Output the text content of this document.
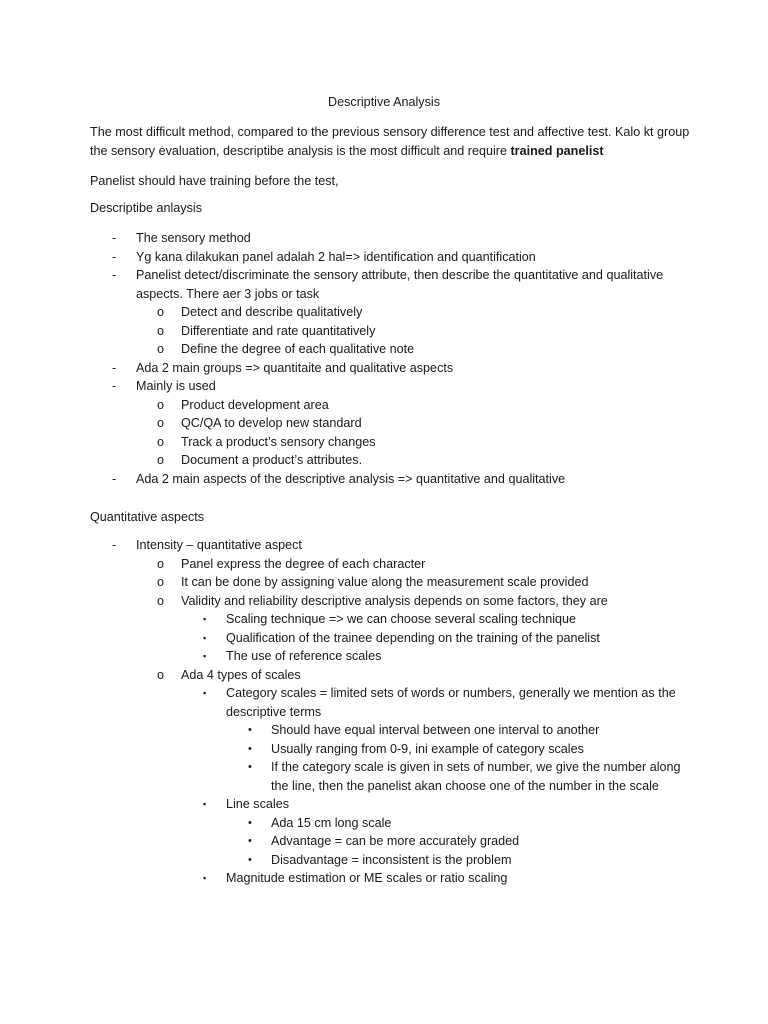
Descriptive Analysis
The most difficult method, compared to the previous sensory difference test and affective test. Kalo kt group the sensory evaluation, descriptibe analysis is the most difficult and require trained panelist
Panelist should have training before the test,
Descriptibe anlaysis
- The sensory method
- Yg kana dilakukan panel adalah 2 hal=> identification and quantification
- Panelist detect/discriminate the sensory attribute, then describe the quantitative and qualitative aspects. There aer 3 jobs or task
o Detect and describe qualitatively
o Differentiate and rate quantitatively
o Define the degree of each qualitative note
- Ada 2 main groups => quantitaite and qualitative aspects
- Mainly is used
o Product development area
o QC/QA to develop new standard
o Track a product’s sensory changes
o Document a product’s attributes.
- Ada 2 main aspects of the descriptive analysis => quantitative and qualitative
Quantitative aspects
- Intensity – quantitative aspect
o Panel express the degree of each character
o It can be done by assigning value along the measurement scale provided
o Validity and reliability descriptive analysis depends on some factors, they are
▪ Scaling technique => we can choose several scaling technique
▪ Qualification of the trainee depending on the training of the panelist
▪ The use of reference scales
o Ada 4 types of scales
▪ Category scales = limited sets of words or numbers, generally we mention as the descriptive terms
• Should have equal interval between one interval to another
• Usually ranging from 0-9, ini example of category scales
• If the category scale is given in sets of number, we give the number along the line, then the panelist akan choose one of the number in the scale
▪ Line scales
• Ada 15 cm long scale
• Advantage = can be more accurately graded
• Disadvantage = inconsistent is the problem
▪ Magnitude estimation or ME scales or ratio scaling
